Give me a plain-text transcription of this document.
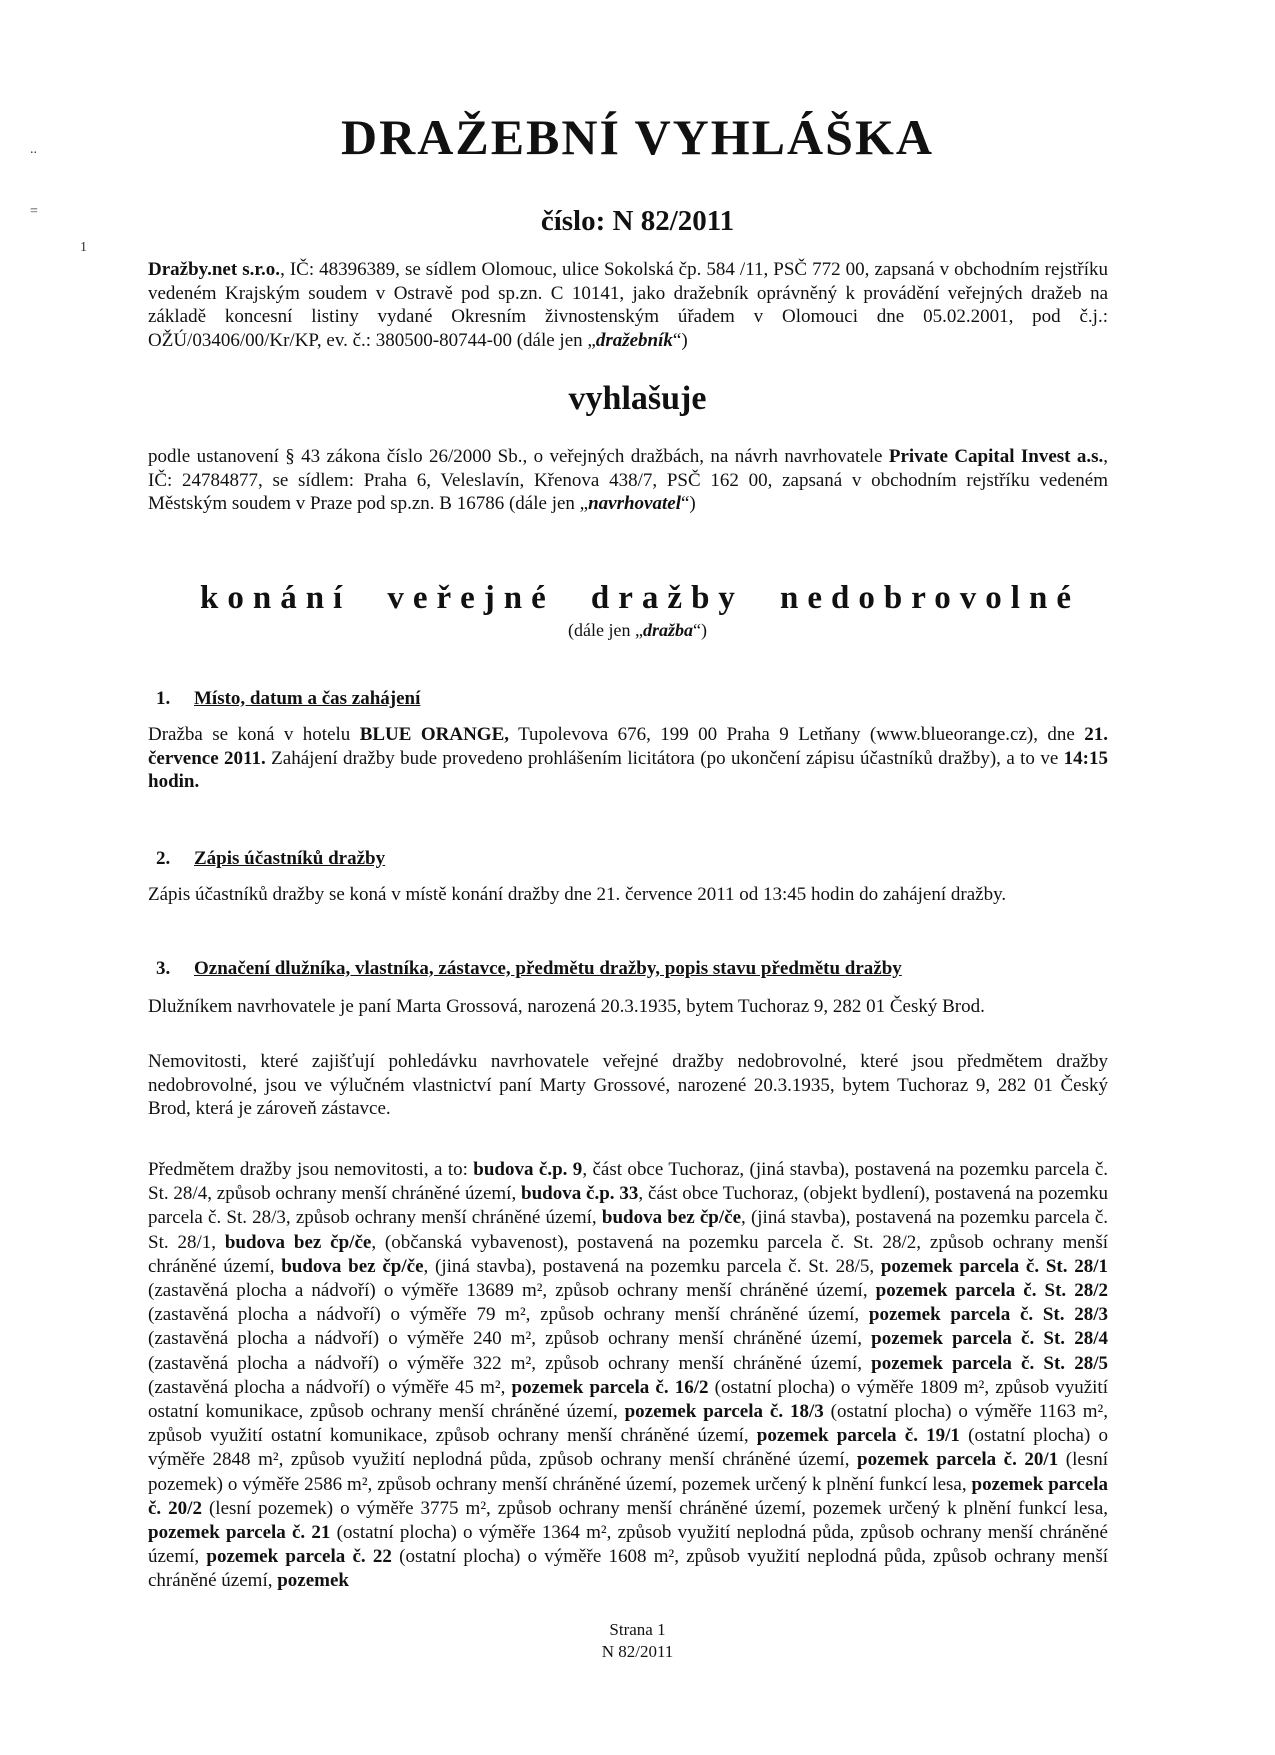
..
=
1
DRAŽEBNÍ VYHLÁŠKA
číslo: N 82/2011
Dražby.net s.r.o., IČ: 48396389, se sídlem Olomouc, ulice Sokolská čp. 584 /11, PSČ 772 00, zapsaná v obchodním rejstříku vedeném Krajským soudem v Ostravě pod sp.zn. C 10141, jako dražebník oprávněný k provádění veřejných dražeb na základě koncesní listiny vydané Okresním živnostenským úřadem v Olomouci dne 05.02.2001, pod č.j.: OŽÚ/03406/00/Kr/KP, ev. č.: 380500-80744-00 (dále jen „dražebník“)
vyhlašuje
podle ustanovení § 43 zákona číslo 26/2000 Sb., o veřejných dražbách, na návrh navrhovatele Private Capital Invest a.s., IČ: 24784877, se sídlem: Praha 6, Veleslavín, Křenova 438/7, PSČ 162 00, zapsaná v obchodním rejstříku vedeném Městským soudem v Praze pod sp.zn. B 16786 (dále jen „navrhovatel“)
konání veřejné dražby nedobrovolné
(dále jen „dražba“)
1. Místo, datum a čas zahájení
Dražba se koná v hotelu BLUE ORANGE, Tupolevova 676, 199 00 Praha 9 Letňany (www.blueorange.cz), dne 21. července 2011. Zahájení dražby bude provedeno prohlášením licitátora (po ukončení zápisu účastníků dražby), a to ve 14:15 hodin.
2. Zápis účastníků dražby
Zápis účastníků dražby se koná v místě konání dražby dne 21. července 2011 od 13:45 hodin do zahájení dražby.
3. Označení dlužníka, vlastníka, zástavce, předmětu dražby, popis stavu předmětu dražby
Dlužníkem navrhovatele je paní Marta Grossová, narozená 20.3.1935, bytem Tuchoraz 9, 282 01 Český Brod.
Nemovitosti, které zajišťují pohledávku navrhovatele veřejné dražby nedobrovolné, které jsou předmětem dražby nedobrovolné, jsou ve výlučném vlastnictví paní Marty Grossové, narozené 20.3.1935, bytem Tuchoraz 9, 282 01 Český Brod, která je zároveň zástavce.
Předmětem dražby jsou nemovitosti, a to: budova č.p. 9, část obce Tuchoraz, (jiná stavba), postavená na pozemku parcela č. St. 28/4, způsob ochrany menší chráněné území, budova č.p. 33, část obce Tuchoraz, (objekt bydlení), postavená na pozemku parcela č. St. 28/3, způsob ochrany menší chráněné území, budova bez čp/če, (jiná stavba), postavená na pozemku parcela č. St. 28/1, budova bez čp/če, (občanská vybavenost), postavená na pozemku parcela č. St. 28/2, způsob ochrany menší chráněné území, budova bez čp/če, (jiná stavba), postavená na pozemku parcela č. St. 28/5, pozemek parcela č. St. 28/1 (zastavěná plocha a nádvoří) o výměře 13689 m², způsob ochrany menší chráněné území, pozemek parcela č. St. 28/2 (zastavěná plocha a nádvoří) o výměře 79 m², způsob ochrany menší chráněné území, pozemek parcela č. St. 28/3 (zastavěná plocha a nádvoří) o výměře 240 m², způsob ochrany menší chráněné území, pozemek parcela č. St. 28/4 (zastavěná plocha a nádvoří) o výměře 322 m², způsob ochrany menší chráněné území, pozemek parcela č. St. 28/5 (zastavěná plocha a nádvoří) o výměře 45 m², pozemek parcela č. 16/2 (ostatní plocha) o výměře 1809 m², způsob využití ostatní komunikace, způsob ochrany menší chráněné území, pozemek parcela č. 18/3 (ostatní plocha) o výměře 1163 m², způsob využití ostatní komunikace, způsob ochrany menší chráněné území, pozemek parcela č. 19/1 (ostatní plocha) o výměře 2848 m², způsob využití neplodná půda, způsob ochrany menší chráněné území, pozemek parcela č. 20/1 (lesní pozemek) o výměře 2586 m², způsob ochrany menší chráněné území, pozemek určený k plnění funkcí lesa, pozemek parcela č. 20/2 (lesní pozemek) o výměře 3775 m², způsob ochrany menší chráněné území, pozemek určený k plnění funkcí lesa, pozemek parcela č. 21 (ostatní plocha) o výměře 1364 m², způsob využití neplodná půda, způsob ochrany menší chráněné území, pozemek parcela č. 22 (ostatní plocha) o výměře 1608 m², způsob využití neplodná půda, způsob ochrany menší chráněné území, pozemek
Strana 1
N 82/2011
